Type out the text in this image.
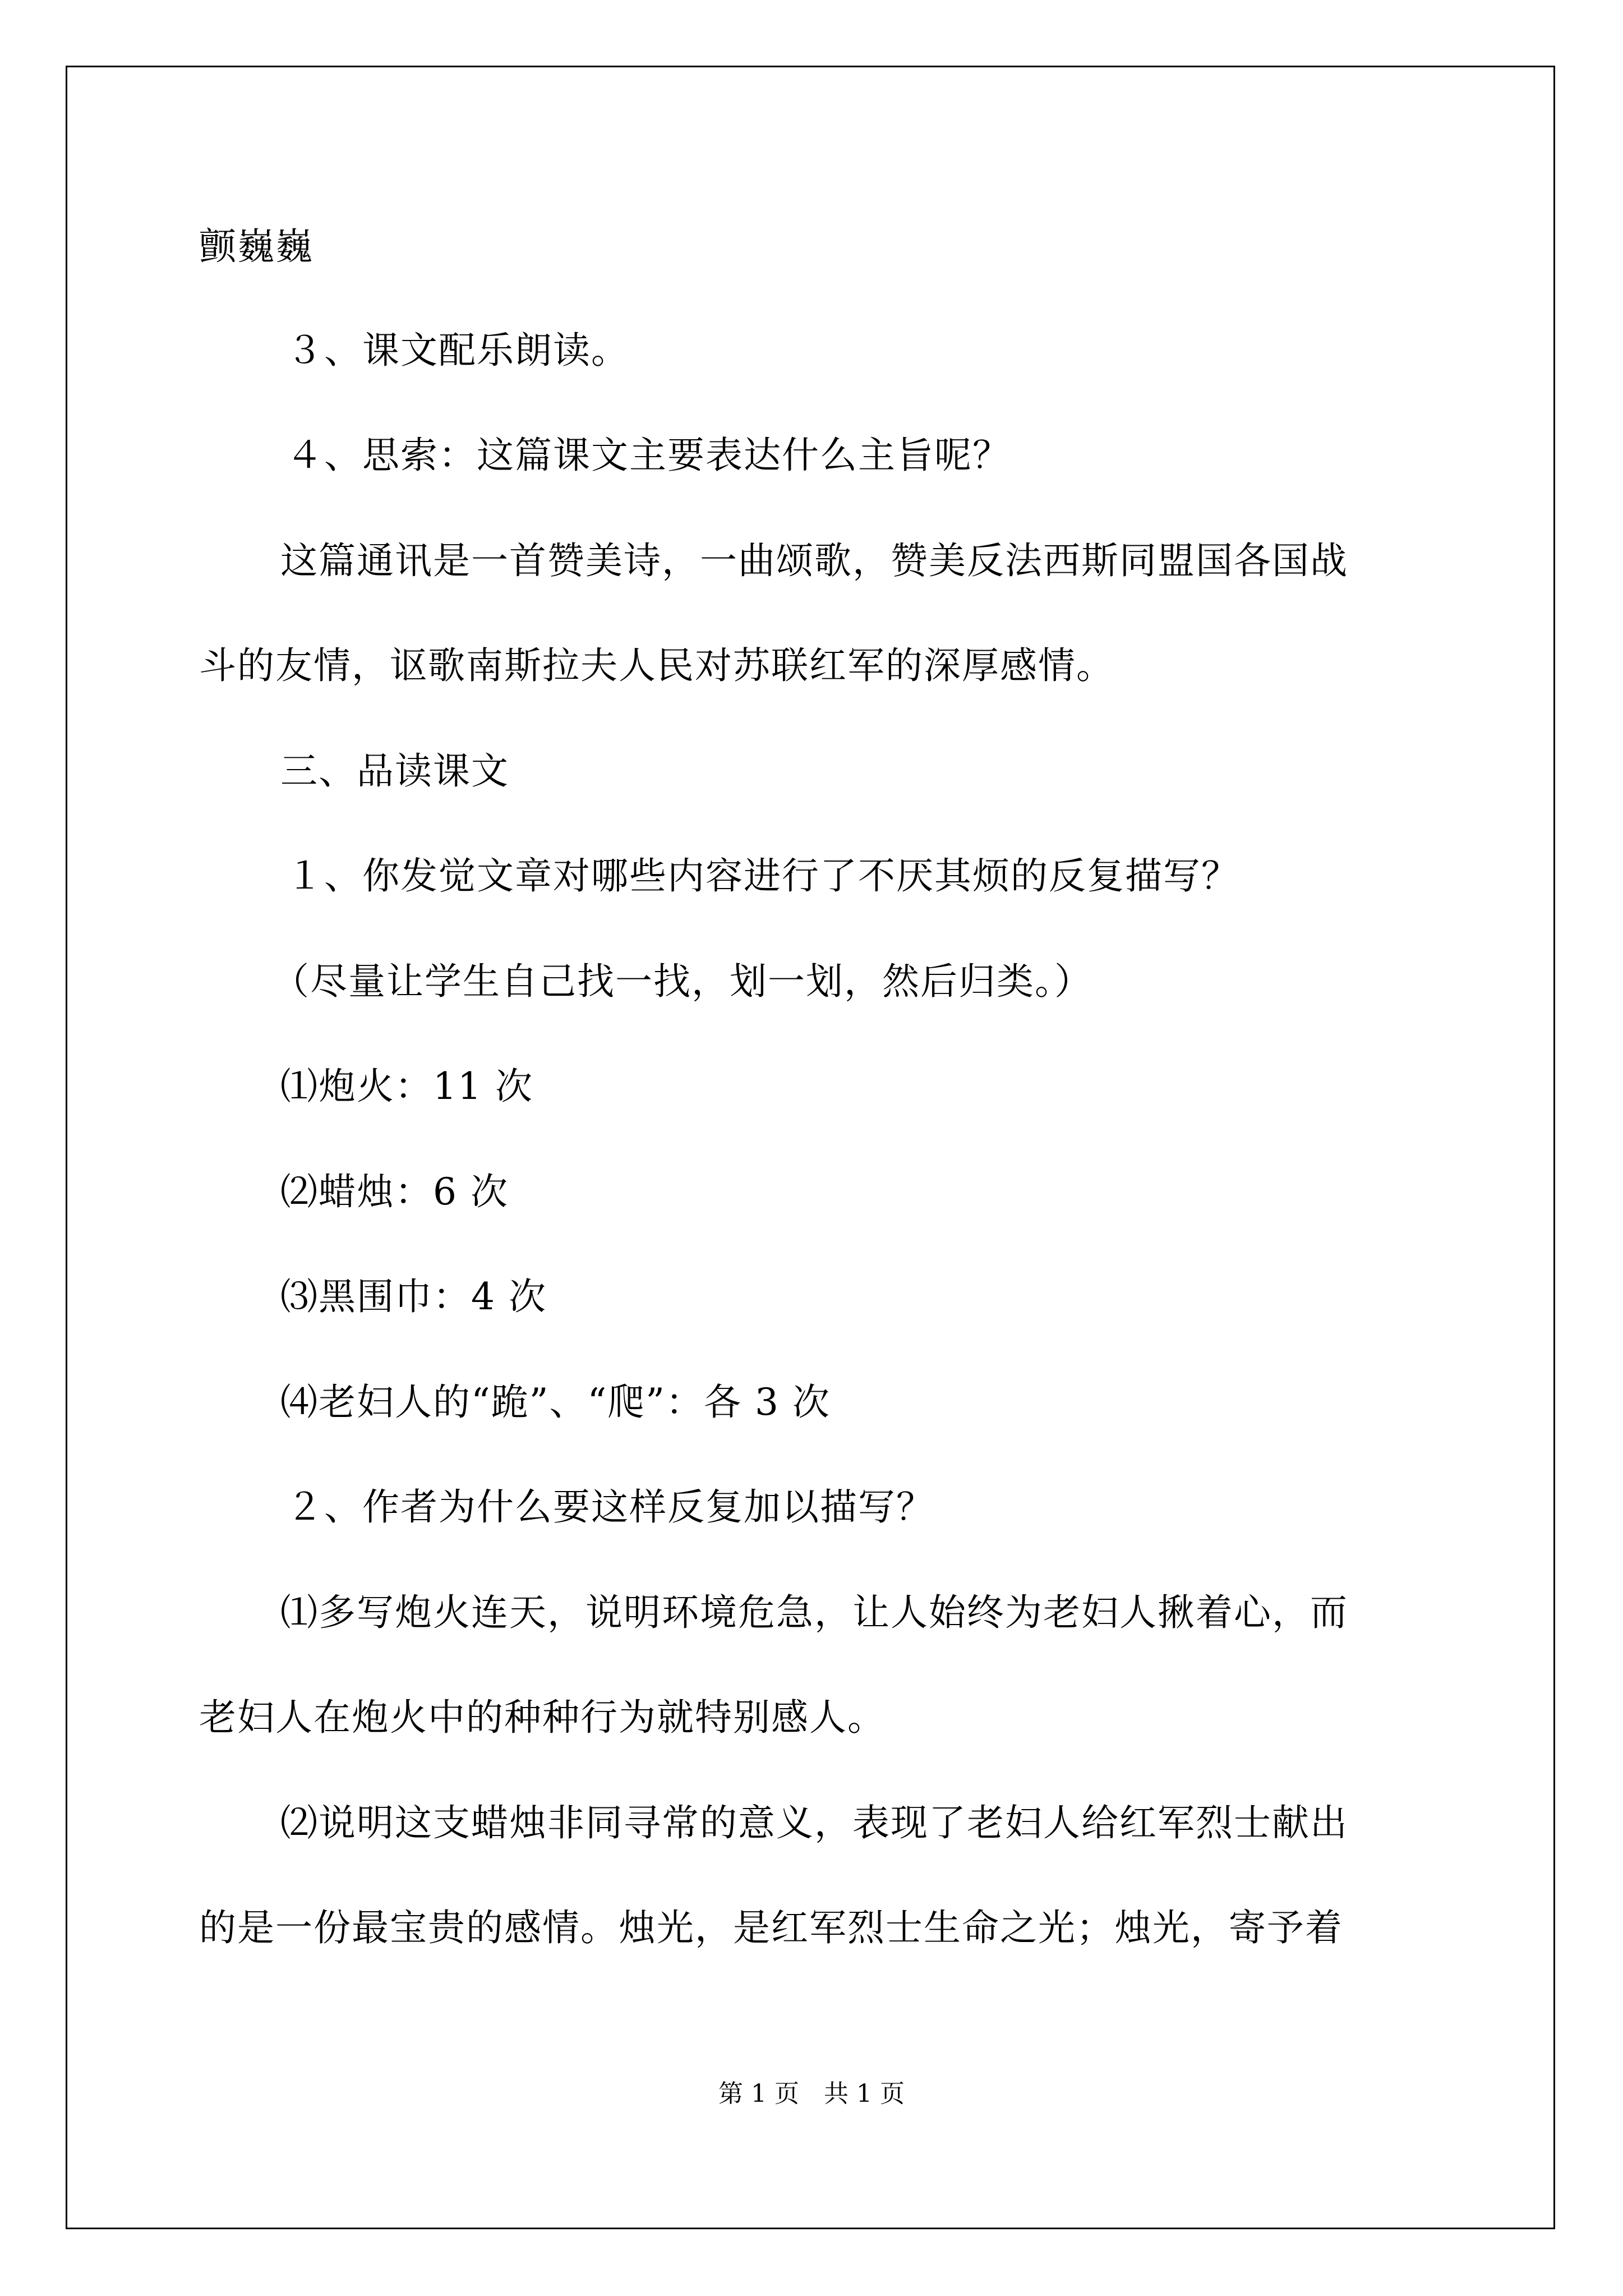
颤巍巍
３、课文配乐朗读。
４、思索：这篇课文主要表达什么主旨呢？
这篇通讯是一首赞美诗，一曲颂歌，赞美反法西斯同盟国各国战
斗的友情，讴歌南斯拉夫人民对苏联红军的深厚感情。
三、品读课文
１、你发觉文章对哪些内容进行了不厌其烦的反复描写？
（尽量让学生自己找一找，划一划，然后归类。）
⑴炮火：11 次
⑵蜡烛：6 次
⑶黑围巾：4 次
⑷老妇人的“跪”、“爬”：各 3 次
２、作者为什么要这样反复加以描写？
⑴多写炮火连天，说明环境危急，让人始终为老妇人揪着心，而
老妇人在炮火中的种种行为就特别感人。
⑵说明这支蜡烛非同寻常的意义，表现了老妇人给红军烈士献出
的是一份最宝贵的感情。烛光，是红军烈士生命之光；烛光，寄予着
第 1 页　共 1 页
